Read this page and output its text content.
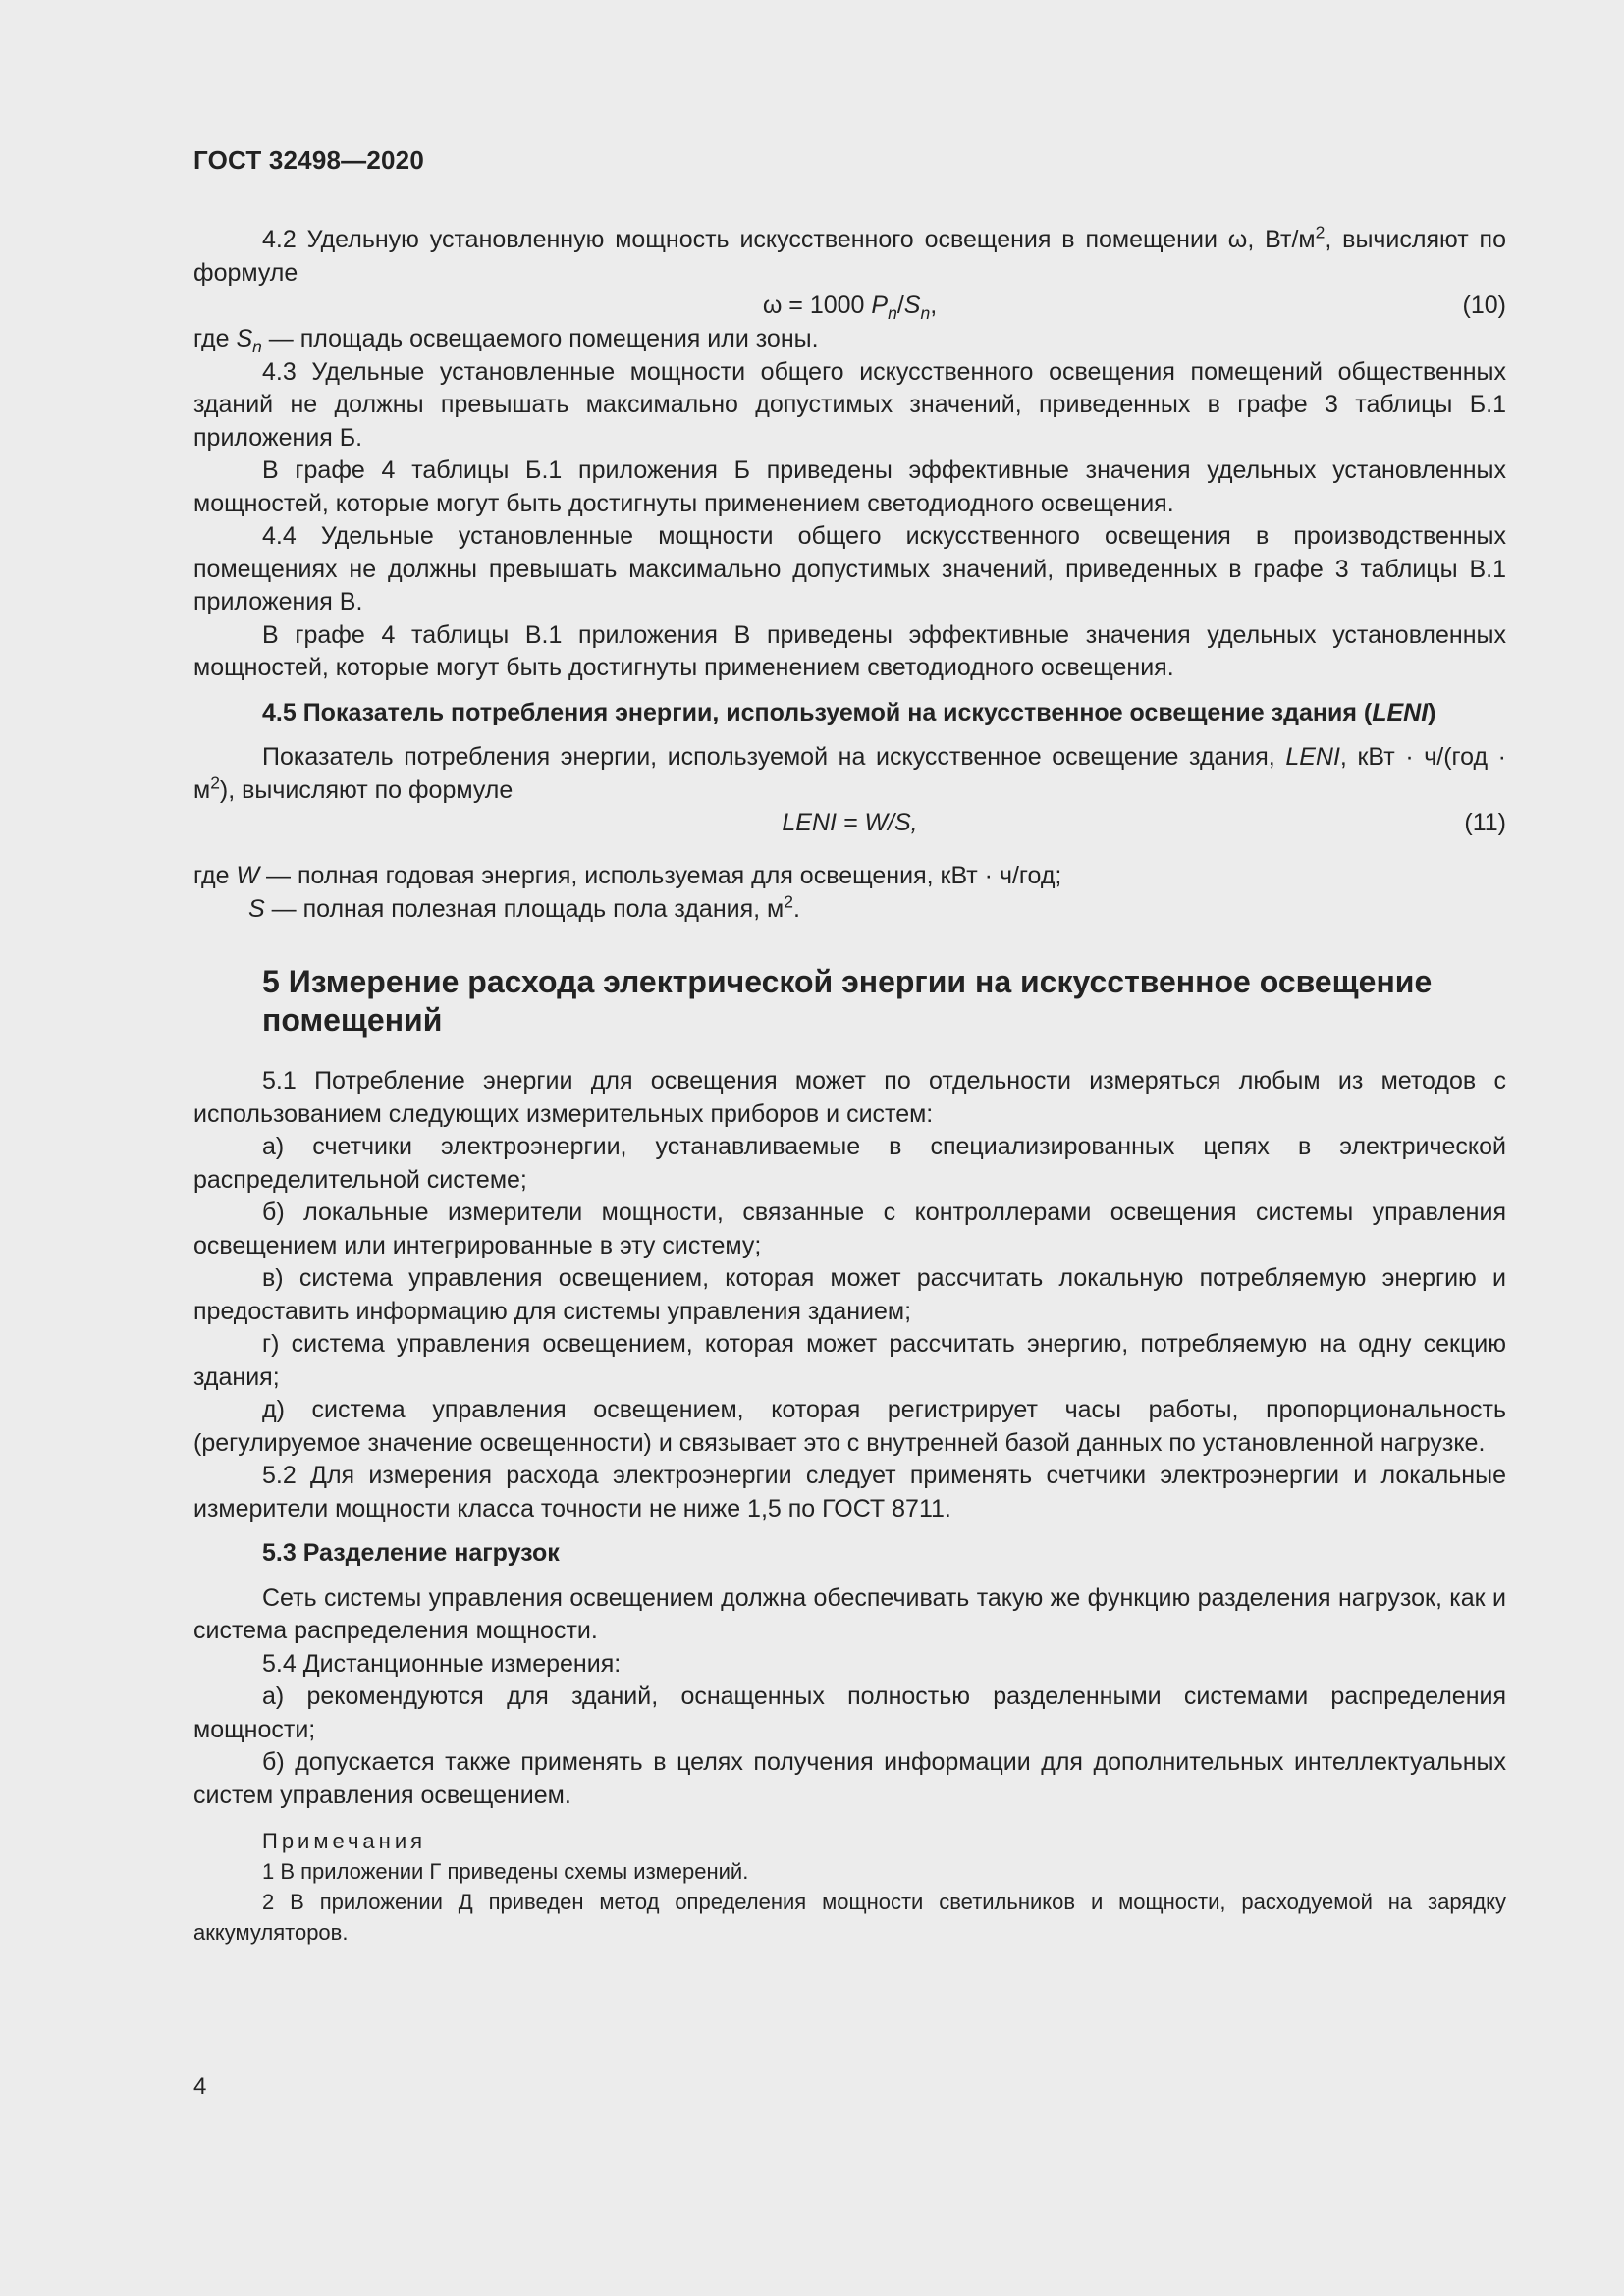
ГОСТ 32498—2020

4.2 Удельную установленную мощность искусственного освещения в помещении ω, $Вт/м^2$, вычисляют по формуле

ω = 1000 $P_n/S_n$,	(10)

где $S_n$ — площадь освещаемого помещения или зоны.

4.3 Удельные установленные мощности общего искусственного освещения помещений общественных зданий не должны превышать максимально допустимых значений, приведенных в графе 3 таблицы Б.1 приложения Б.

В графе 4 таблицы Б.1 приложения Б приведены эффективные значения удельных установленных мощностей, которые могут быть достигнуты применением светодиодного освещения.

4.4 Удельные установленные мощности общего искусственного освещения в производственных помещениях не должны превышать максимально допустимых значений, приведенных в графе 3 таблицы В.1 приложения В.

В графе 4 таблицы В.1 приложения В приведены эффективные значения удельных установленных мощностей, которые могут быть достигнуты применением светодиодного освещения.

4.5 Показатель потребления энергии, используемой на искусственное освещение здания (LENI)

Показатель потребления энергии, используемой на искусственное освещение здания, LENI, кВт · $ч/(год \cdot м^2)$, вычисляют по формуле

LENI = W/S,	(11)

где W — полная годовая энергия, используемая для освещения, кВт · ч/год;

S — полная полезная площадь пола здания, $м^2$.

5 Измерение расхода электрической энергии на искусственное освещение помещений

5.1 Потребление энергии для освещения может по отдельности измеряться любым из методов с использованием следующих измерительных приборов и систем:

а) счетчики электроэнергии, устанавливаемые в специализированных цепях в электрической распределительной системе;

б) локальные измерители мощности, связанные с контроллерами освещения системы управления освещением или интегрированные в эту систему;

в) система управления освещением, которая может рассчитать локальную потребляемую энергию и предоставить информацию для системы управления зданием;

г) система управления освещением, которая может рассчитать энергию, потребляемую на одну секцию здания;

д) система управления освещением, которая регистрирует часы работы, пропорциональность (регулируемое значение освещенности) и связывает это с внутренней базой данных по установленной нагрузке.

5.2 Для измерения расхода электроэнергии следует применять счетчики электроэнергии и локальные измерители мощности класса точности не ниже 1,5 по ГОСТ 8711.

5.3 Разделение нагрузок

Сеть системы управления освещением должна обеспечивать такую же функцию разделения нагрузок, как и система распределения мощности.

5.4 Дистанционные измерения:

а) рекомендуются для зданий, оснащенных полностью разделенными системами распределения мощности;

б) допускается также применять в целях получения информации для дополнительных интеллектуальных систем управления освещением.

Примечания

1 В приложении Г приведены схемы измерений.

2 В приложении Д приведен метод определения мощности светильников и мощности, расходуемой на зарядку аккумуляторов.

4
